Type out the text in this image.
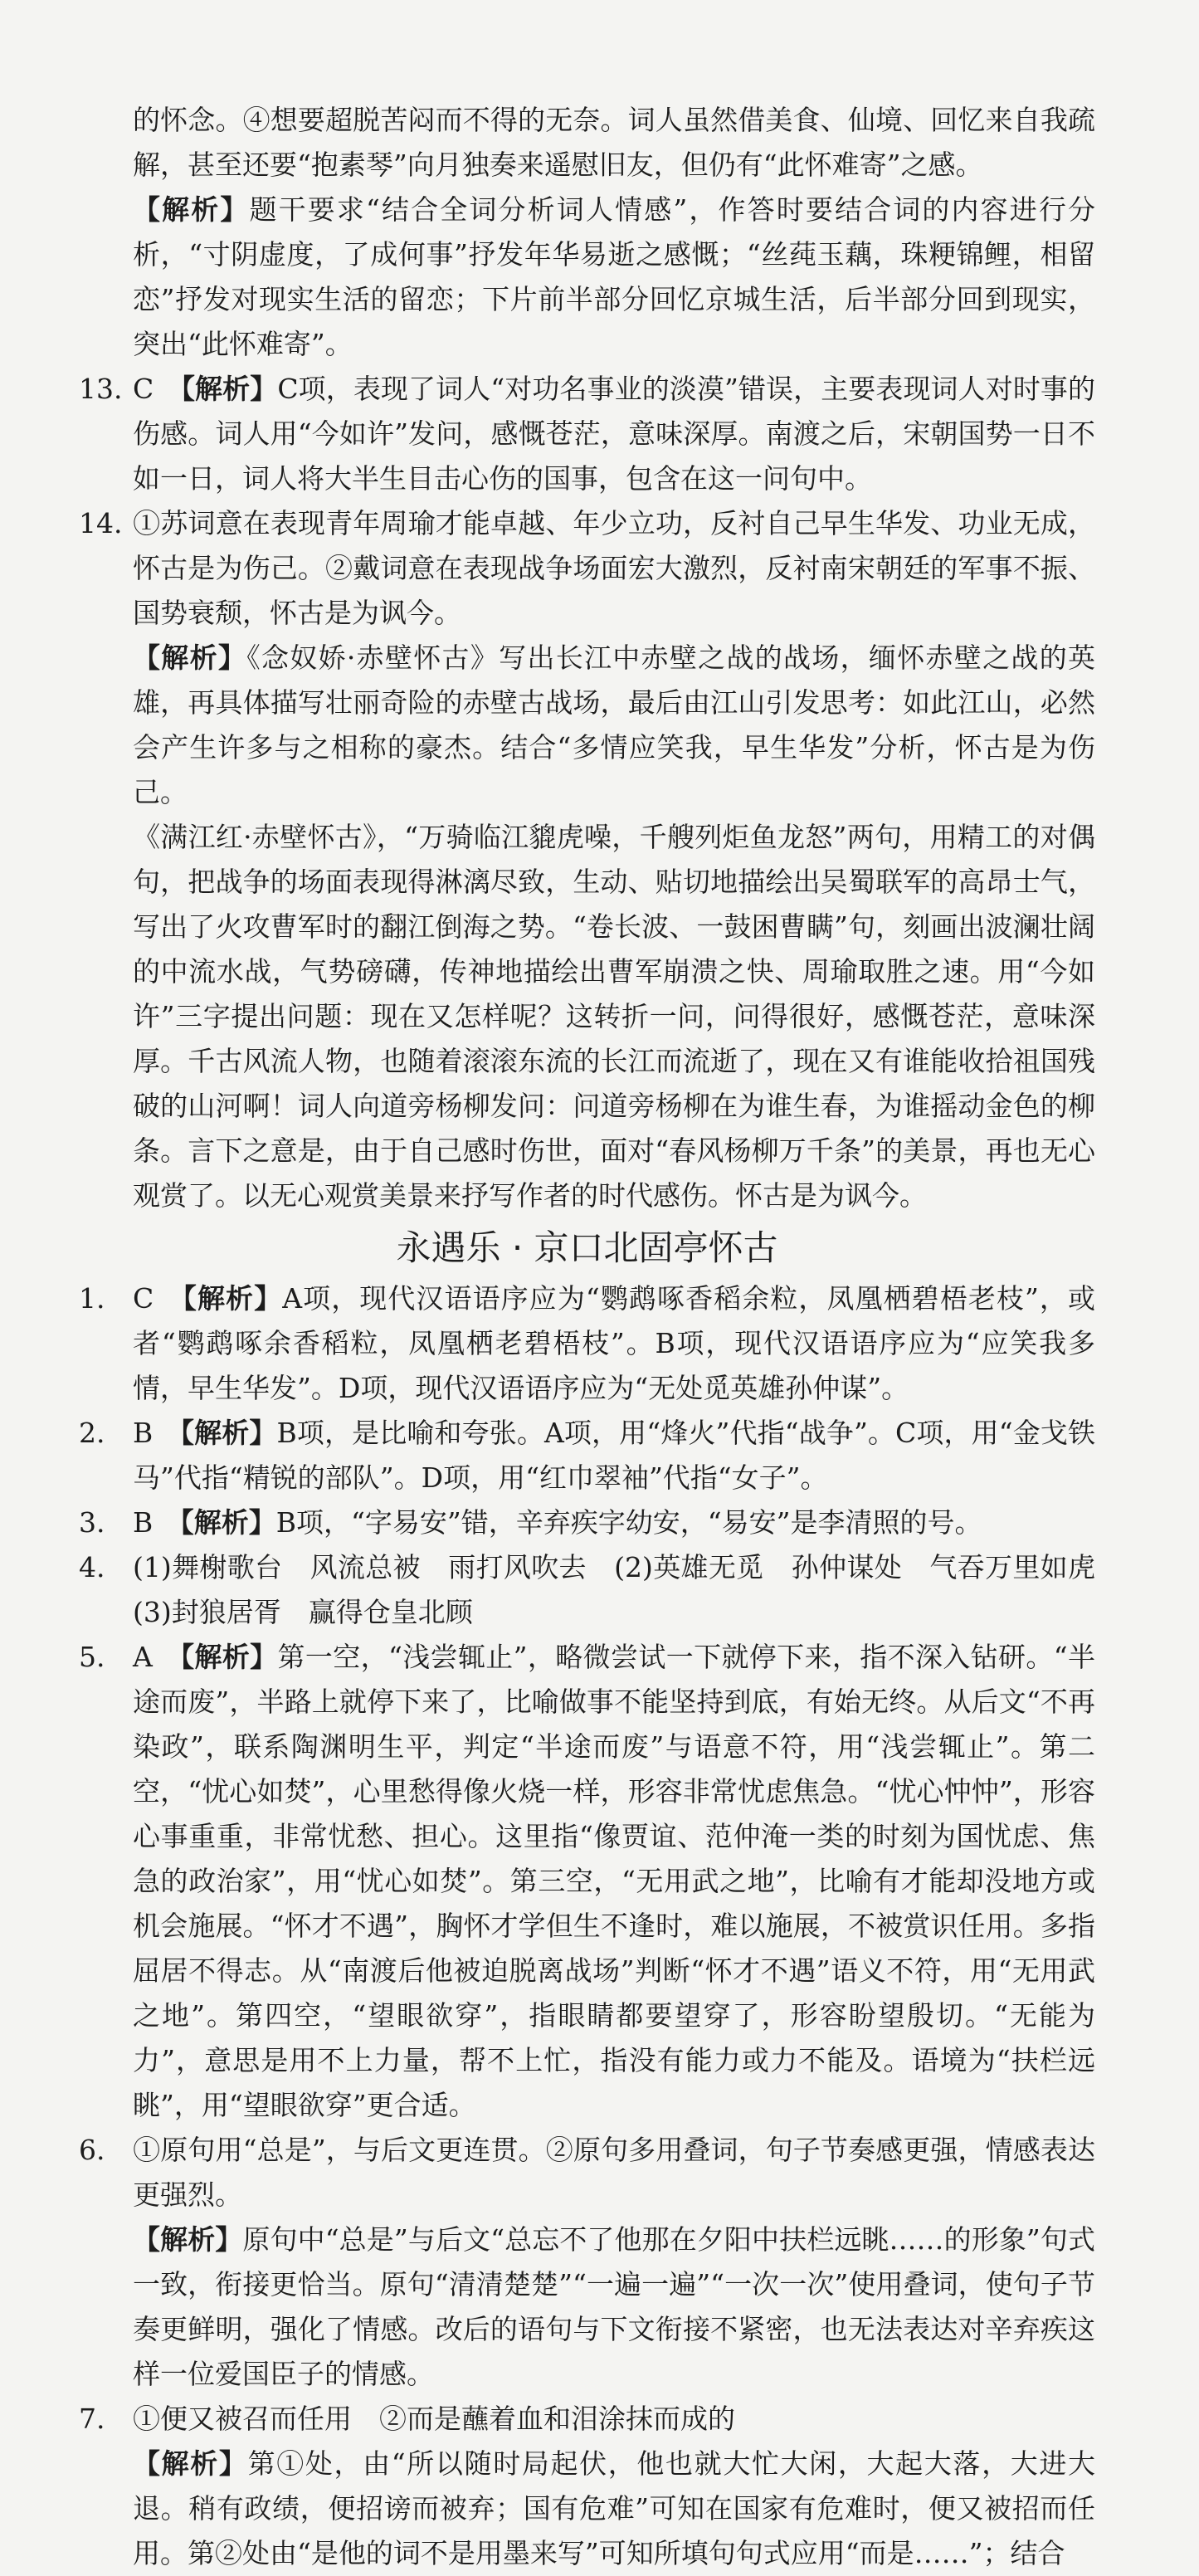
的怀念。④想要超脱苦闷而不得的无奈。词人虽然借美食、仙境、回忆来自我疏解，甚至还要“抱素琴”向月独奏来遥慰旧友，但仍有“此怀难寄”之感。

【解析】题干要求“结合全词分析词人情感”，作答时要结合词的内容进行分析，“寸阴虚度，了成何事”抒发年华易逝之感慨；“丝莼玉藕，珠粳锦鲤，相留恋”抒发对现实生活的留恋；下片前半部分回忆京城生活，后半部分回到现实，突出“此怀难寄”。

13. C　 【解析】C项，表现了词人“对功名事业的淡漠”错误，主要表现词人对时事的伤感。词人用“今如许”发问，感慨苍茫，意味深厚。南渡之后，宋朝国势一日不如一日，词人将大半生目击心伤的国事，包含在这一问句中。

14. ①苏词意在表现青年周瑜才能卓越、年少立功，反衬自己早生华发、功业无成，怀古是为伤己。②戴词意在表现战争场面宏大激烈，反衬南宋朝廷的军事不振、国势衰颓，怀古是为讽今。

【解析】《念奴娇·赤壁怀古》写出长江中赤壁之战的战场，缅怀赤壁之战的英雄，再具体描写壮丽奇险的赤壁古战场，最后由江山引发思考：如此江山，必然会产生许多与之相称的豪杰。结合“多情应笑我，早生华发”分析，怀古是为伤己。

《满江红·赤壁怀古》，“万骑临江貔虎噪，千艘列炬鱼龙怒”两句，用精工的对偶句，把战争的场面表现得淋漓尽致，生动、贴切地描绘出吴蜀联军的高昂士气，写出了火攻曹军时的翻江倒海之势。“卷长波、一鼓困曹瞒”句，刻画出波澜壮阔的中流水战，气势磅礴，传神地描绘出曹军崩溃之快、周瑜取胜之速。用“今如许”三字提出问题：现在又怎样呢？这转折一问，问得很好，感慨苍茫，意味深厚。千古风流人物，也随着滚滚东流的长江而流逝了，现在又有谁能收拾祖国残破的山河啊！词人向道旁杨柳发问：问道旁杨柳在为谁生春，为谁摇动金色的柳条。言下之意是，由于自己感时伤世，面对“春风杨柳万千条”的美景，再也无心观赏了。以无心观赏美景来抒写作者的时代感伤。怀古是为讽今。

永遇乐 · 京口北固亭怀古

1. C　 【解析】A项，现代汉语语序应为“鹦鹉啄香稻余粒，凤凰栖碧梧老枝”，或者“鹦鹉啄余香稻粒，凤凰栖老碧梧枝”。B项，现代汉语语序应为“应笑我多情，早生华发”。D项，现代汉语语序应为“无处觅英雄孙仲谋”。

2. B　 【解析】B项，是比喻和夸张。A项，用“烽火”代指“战争”。C项，用“金戈铁马”代指“精锐的部队”。D项，用“红巾翠袖”代指“女子”。

3. B　 【解析】B项，“字易安”错，辛弃疾字幼安，“易安”是李清照的号。

4. (1)舞榭歌台　风流总被　雨打风吹去　(2)英雄无觅　孙仲谋处　气吞万里如虎　(3)封狼居胥　赢得仓皇北顾

5. A　 【解析】第一空，“浅尝辄止”，略微尝试一下就停下来，指不深入钻研。“半途而废”，半路上就停下来了，比喻做事不能坚持到底，有始无终。从后文“不再染政”，联系陶渊明生平，判定“半途而废”与语意不符，用“浅尝辄止”。第二空，“忧心如焚”，心里愁得像火烧一样，形容非常忧虑焦急。“忧心忡忡”，形容心事重重，非常忧愁、担心。这里指“像贾谊、范仲淹一类的时刻为国忧虑、焦急的政治家”，用“忧心如焚”。第三空，“无用武之地”，比喻有才能却没地方或机会施展。“怀才不遇”，胸怀才学但生不逢时，难以施展，不被赏识任用。多指屈居不得志。从“南渡后他被迫脱离战场”判断“怀才不遇”语义不符，用“无用武之地”。第四空，“望眼欲穿”，指眼睛都要望穿了，形容盼望殷切。“无能为力”，意思是用不上力量，帮不上忙，指没有能力或力不能及。语境为“扶栏远眺”，用“望眼欲穿”更合适。

6. ①原句用“总是”，与后文更连贯。②原句多用叠词，句子节奏感更强，情感表达更强烈。

【解析】原句中“总是”与后文“总忘不了他那在夕阳中扶栏远眺……的形象”句式一致，衔接更恰当。原句“清清楚楚”“一遍一遍”“一次一次”使用叠词，使句子节奏更鲜明，强化了情感。改后的语句与下文衔接不紧密，也无法表达对辛弃疾这样一位爱国臣子的情感。

7. ①便又被召而任用　②而是蘸着血和泪涂抹而成的

【解析】第①处，由“所以随时局起伏，他也就大忙大闲，大起大落，大进大退。稍有政绩，便招谤而被弃；国有危难”可知在国家有危难时，便又被招而任用。第②处由“是他的词不是用墨来写”可知所填句句式应用“而是……”；结合
